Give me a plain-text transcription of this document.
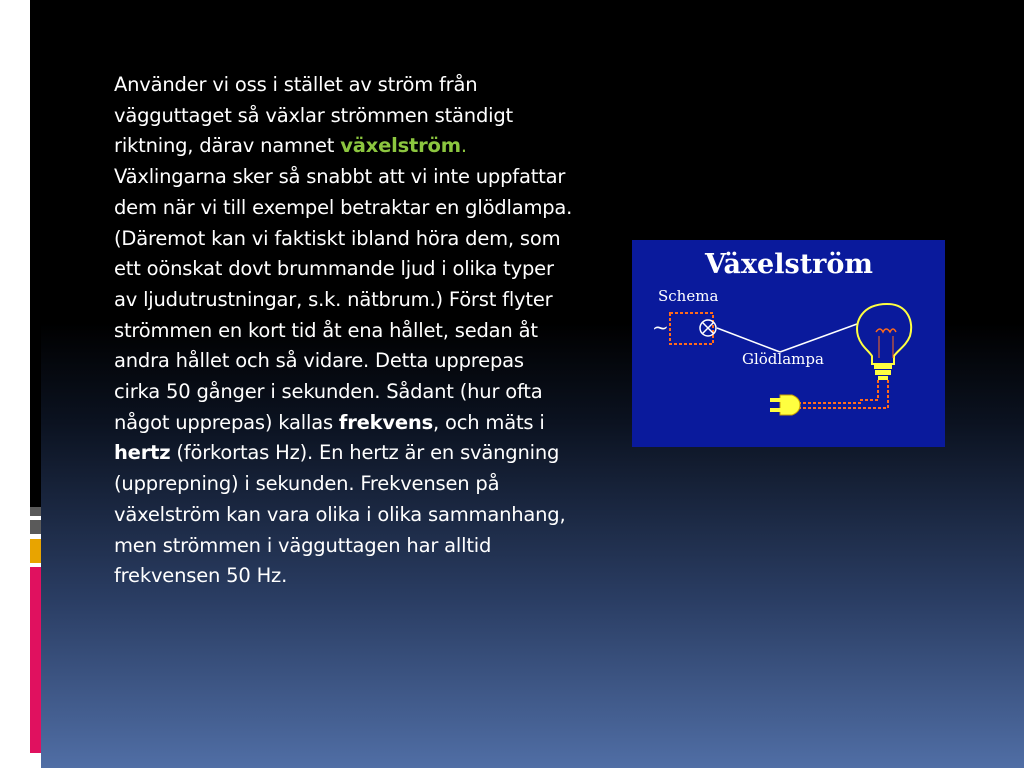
Använder vi oss i stället av ström från vägguttaget så växlar strömmen ständigt riktning, därav namnet växelström. Växlingarna sker så snabbt att vi inte uppfattar dem när vi till exempel betraktar en glödlampa. (Däremot kan vi faktiskt ibland höra dem, som ett oönskat dovt brummande ljud i olika typer av ljudutrustningar, s.k. nätbrum.) Först flyter strömmen en kort tid åt ena hållet, sedan åt andra hållet och så vidare. Detta upprepas cirka 50 gånger i sekunden. Sådant (hur ofta något upprepas) kallas frekvens, och mäts i hertz (förkortas Hz). En hertz är en svängning (upprepning) i sekunden. Frekvensen på växelström kan vara olika i olika sammanhang, men strömmen i vägguttagen har alltid frekvensen 50 Hz.
Växelström
Schema
Glödlampa
~
